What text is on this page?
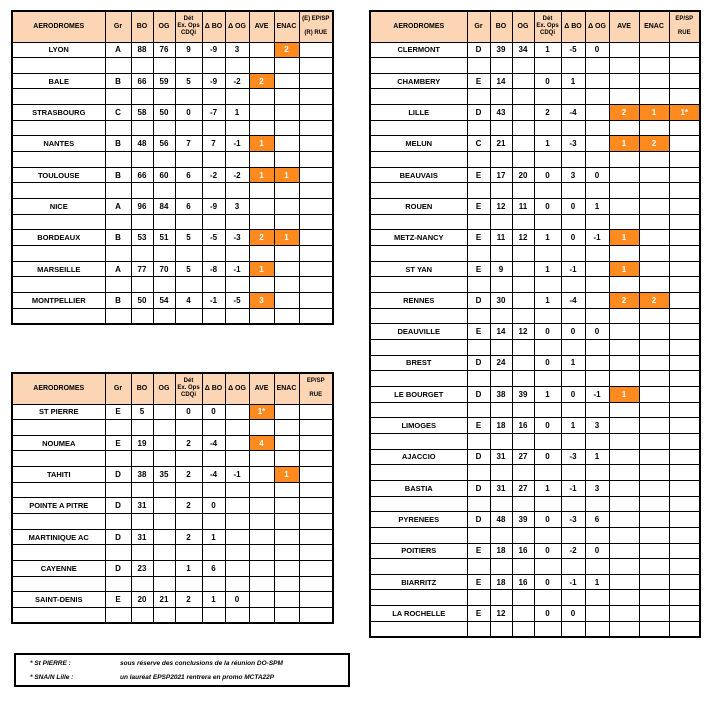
AERODROMES	Gr	BO	OG	Dét
Ex. Ops
CDQi	Δ BO	Δ OG	AVE	ENAC	(E) EP/SP

(R) RUE
LYON	A	88	76	9	-9	3		2	

BALE	B	66	59	5	-9	-2	2		

STRASBOURG	C	58	50	0	-7	1			

NANTES	B	48	56	7	7	-1	1		

TOULOUSE	B	66	60	6	-2	-2	1	1	

NICE	A	96	84	6	-9	3			

BORDEAUX	B	53	51	5	-5	-3	2	1	

MARSEILLE	A	77	70	5	-8	-1	1		

MONTPELLIER	B	50	54	4	-1	-5	3		

AERODROMES	Gr	BO	OG	Dét
Ex. Ops
CDQi	Δ BO	Δ OG	AVE	ENAC	EP/SP

RUE
ST PIERRE	E	5		0	0		1*		

NOUMEA	E	19		2	-4		4		

TAHITI	D	38	35	2	-4	-1		1	

POINTE A PITRE	D	31		2	0				

MARTINIQUE AC	D	31		2	1				

CAYENNE	D	23		1	6				

SAINT-DENIS	E	20	21	2	1	0			

AERODROMES	Gr	BO	OG	Dét
Ex. Ops
CDQi	Δ BO	Δ OG	AVE	ENAC	EP/SP

RUE
CLERMONT	D	39	34	1	-5	0			

CHAMBERY	E	14		0	1				

LILLE	D	43		2	-4		2	1	1*

MELUN	C	21		1	-3		1	2	

BEAUVAIS	E	17	20	0	3	0			

ROUEN	E	12	11	0	0	1			

METZ-NANCY	E	11	12	1	0	-1	1		

ST YAN	E	9		1	-1		1		

RENNES	D	30		1	-4		2	2	

DEAUVILLE	E	14	12	0	0	0			

BREST	D	24		0	1				

LE BOURGET	D	38	39	1	0	-1	1		

LIMOGES	E	18	16	0	1	3			

AJACCIO	D	31	27	0	-3	1			

BASTIA	D	31	27	1	-1	3			

PYRENEES	D	48	39	0	-3	6			

POITIERS	E	18	16	0	-2	0			

BIARRITZ	E	18	16	0	-1	1			

LA ROCHELLE	E	12		0	0				

* St PIERRE :	sous réserve des conclusions de la réunion DO-SPM
* SNA/N Lille :	un lauréat EPSP2021 rentrera en promo MCTA22P
